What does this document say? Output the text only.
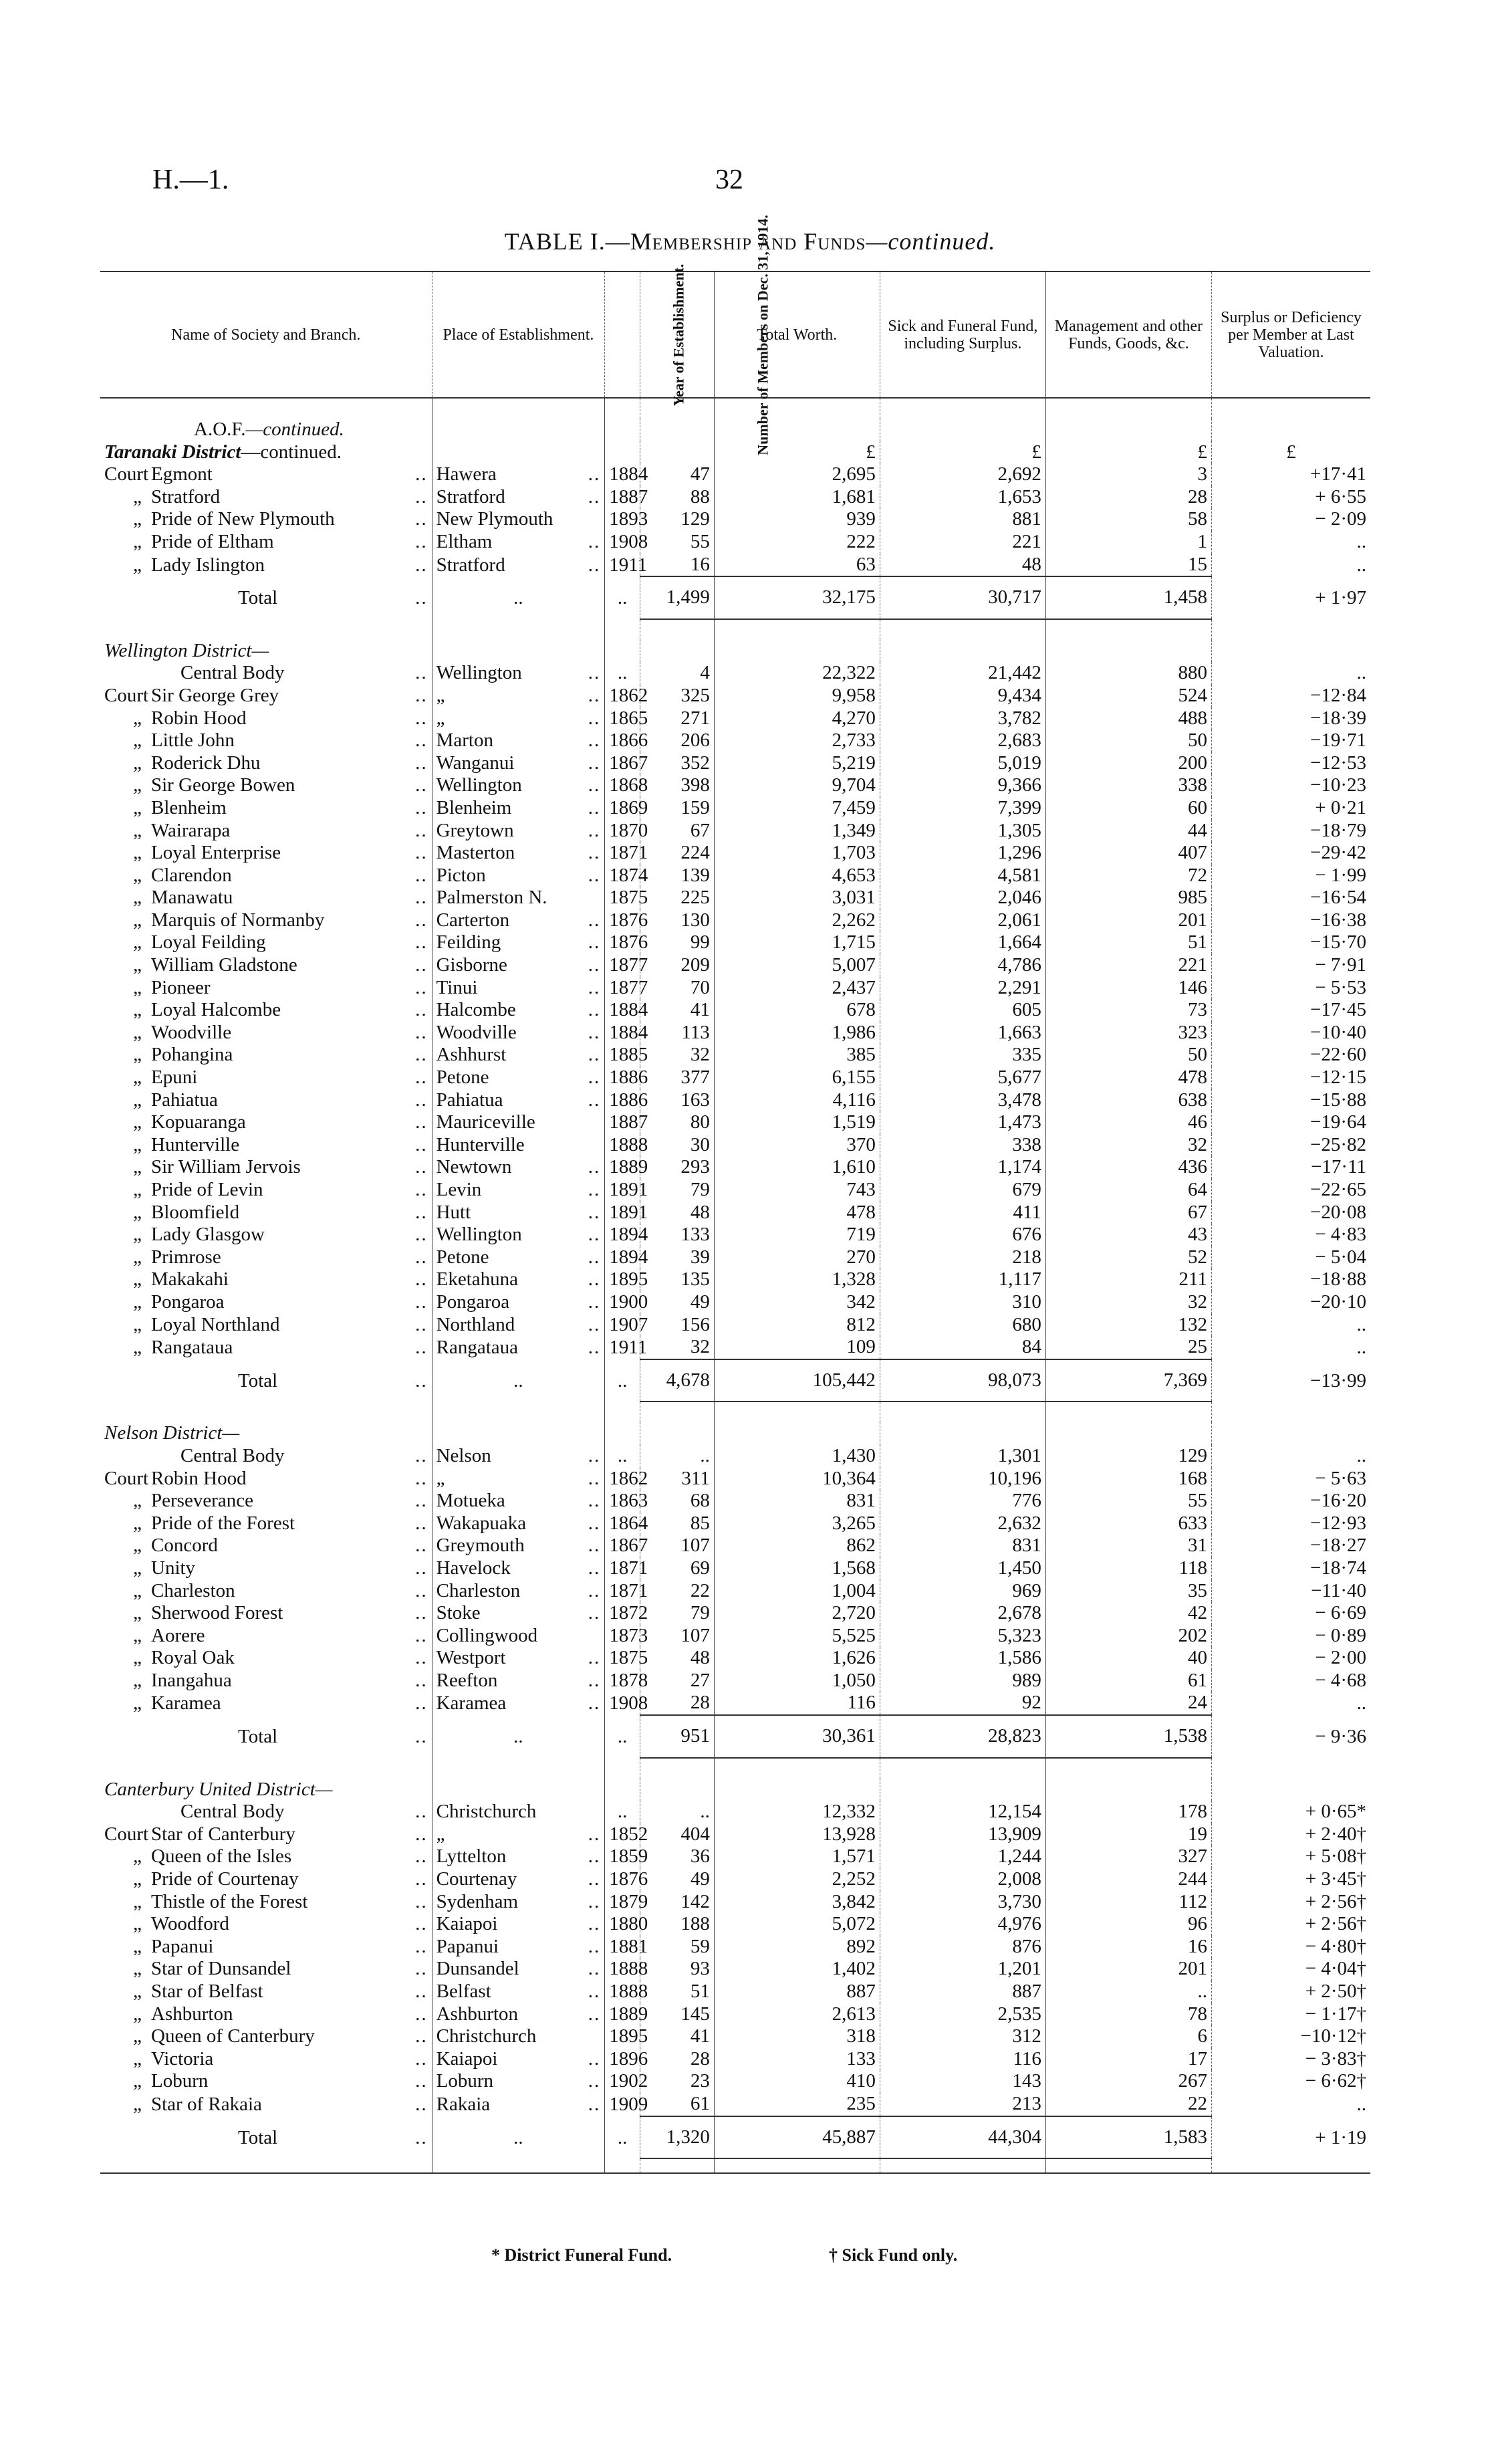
H.—1.	32
TABLE I.—Membership and Funds—continued.
Name of Society and Branch.	Place of Establishment.	Year of Establishment.	Number of Members on Dec. 31, 1914.	Total Worth.	Sick and Funeral Fund, including Surplus.	Management and other Funds, Goods, &c.	Surplus or Deficiency per Member at Last Valuation.

A.O.F.—continued.							
Taranaki District—continued.				£	£	£	£
Court Egmont ..	Hawera ..	1884	47	2,695	2,692	3	+17·41
„ Stratford ..	Stratford ..	1887	88	1,681	1,653	28	+ 6·55
„ Pride of New Plymouth ..	New Plymouth	1893	129	939	881	58	− 2·09
„ Pride of Eltham ..	Eltham ..	1908	55	222	221	1	..
„ Lady Islington ..	Stratford ..	1911	16	63	48	15	..
Total ..	..	..	1,499	32,175	30,717	1,458	+ 1·97

Wellington District—							
Central Body ..	Wellington ..	..	4	22,322	21,442	880	..
Court Sir George Grey ..	„ ..	1862	325	9,958	9,434	524	−12·84
„ Robin Hood ..	„ ..	1865	271	4,270	3,782	488	−18·39
„ Little John ..	Marton ..	1866	206	2,733	2,683	50	−19·71
„ Roderick Dhu ..	Wanganui ..	1867	352	5,219	5,019	200	−12·53
„ Sir George Bowen ..	Wellington ..	1868	398	9,704	9,366	338	−10·23
„ Blenheim ..	Blenheim ..	1869	159	7,459	7,399	60	+ 0·21
„ Wairarapa ..	Greytown ..	1870	67	1,349	1,305	44	−18·79
„ Loyal Enterprise ..	Masterton ..	1871	224	1,703	1,296	407	−29·42
„ Clarendon ..	Picton ..	1874	139	4,653	4,581	72	− 1·99
„ Manawatu ..	Palmerston N.	1875	225	3,031	2,046	985	−16·54
„ Marquis of Normanby ..	Carterton ..	1876	130	2,262	2,061	201	−16·38
„ Loyal Feilding ..	Feilding ..	1876	99	1,715	1,664	51	−15·70
„ William Gladstone ..	Gisborne ..	1877	209	5,007	4,786	221	− 7·91
„ Pioneer ..	Tinui ..	1877	70	2,437	2,291	146	− 5·53
„ Loyal Halcombe ..	Halcombe ..	1884	41	678	605	73	−17·45
„ Woodville ..	Woodville ..	1884	113	1,986	1,663	323	−10·40
„ Pohangina ..	Ashhurst ..	1885	32	385	335	50	−22·60
„ Epuni ..	Petone ..	1886	377	6,155	5,677	478	−12·15
„ Pahiatua ..	Pahiatua ..	1886	163	4,116	3,478	638	−15·88
„ Kopuaranga ..	Mauriceville	1887	80	1,519	1,473	46	−19·64
„ Hunterville ..	Hunterville	1888	30	370	338	32	−25·82
„ Sir William Jervois ..	Newtown ..	1889	293	1,610	1,174	436	−17·11
„ Pride of Levin ..	Levin ..	1891	79	743	679	64	−22·65
„ Bloomfield ..	Hutt ..	1891	48	478	411	67	−20·08
„ Lady Glasgow ..	Wellington ..	1894	133	719	676	43	− 4·83
„ Primrose ..	Petone ..	1894	39	270	218	52	− 5·04
„ Makakahi ..	Eketahuna ..	1895	135	1,328	1,117	211	−18·88
„ Pongaroa ..	Pongaroa ..	1900	49	342	310	32	−20·10
„ Loyal Northland ..	Northland ..	1907	156	812	680	132	..
„ Rangataua ..	Rangataua ..	1911	32	109	84	25	..
Total ..	..	..	4,678	105,442	98,073	7,369	−13·99

Nelson District—							
Central Body ..	Nelson ..	..	..	1,430	1,301	129	..
Court Robin Hood ..	„ ..	1862	311	10,364	10,196	168	− 5·63
„ Perseverance ..	Motueka ..	1863	68	831	776	55	−16·20
„ Pride of the Forest ..	Wakapuaka ..	1864	85	3,265	2,632	633	−12·93
„ Concord ..	Greymouth ..	1867	107	862	831	31	−18·27
„ Unity ..	Havelock ..	1871	69	1,568	1,450	118	−18·74
„ Charleston ..	Charleston ..	1871	22	1,004	969	35	−11·40
„ Sherwood Forest ..	Stoke ..	1872	79	2,720	2,678	42	− 6·69
„ Aorere ..	Collingwood	1873	107	5,525	5,323	202	− 0·89
„ Royal Oak ..	Westport ..	1875	48	1,626	1,586	40	− 2·00
„ Inangahua ..	Reefton ..	1878	27	1,050	989	61	− 4·68
„ Karamea ..	Karamea ..	1908	28	116	92	24	..
Total ..	..	..	951	30,361	28,823	1,538	− 9·36

Canterbury United District—							
Central Body ..	Christchurch	..	..	12,332	12,154	178	+ 0·65*
Court Star of Canterbury ..	„ ..	1852	404	13,928	13,909	19	+ 2·40†
„ Queen of the Isles ..	Lyttelton ..	1859	36	1,571	1,244	327	+ 5·08†
„ Pride of Courtenay ..	Courtenay ..	1876	49	2,252	2,008	244	+ 3·45†
„ Thistle of the Forest ..	Sydenham ..	1879	142	3,842	3,730	112	+ 2·56†
„ Woodford ..	Kaiapoi ..	1880	188	5,072	4,976	96	+ 2·56†
„ Papanui ..	Papanui ..	1881	59	892	876	16	− 4·80†
„ Star of Dunsandel ..	Dunsandel ..	1888	93	1,402	1,201	201	− 4·04†
„ Star of Belfast ..	Belfast ..	1888	51	887	887	..	+ 2·50†
„ Ashburton ..	Ashburton ..	1889	145	2,613	2,535	78	− 1·17†
„ Queen of Canterbury ..	Christchurch	1895	41	318	312	6	−10·12†
„ Victoria ..	Kaiapoi ..	1896	28	133	116	17	− 3·83†
„ Loburn ..	Loburn ..	1902	23	410	143	267	− 6·62†
„ Star of Rakaia ..	Rakaia ..	1909	61	235	213	22	..
Total ..	..	..	1,320	45,887	44,304	1,583	+ 1·19

* District Funeral Fund.	† Sick Fund only.
